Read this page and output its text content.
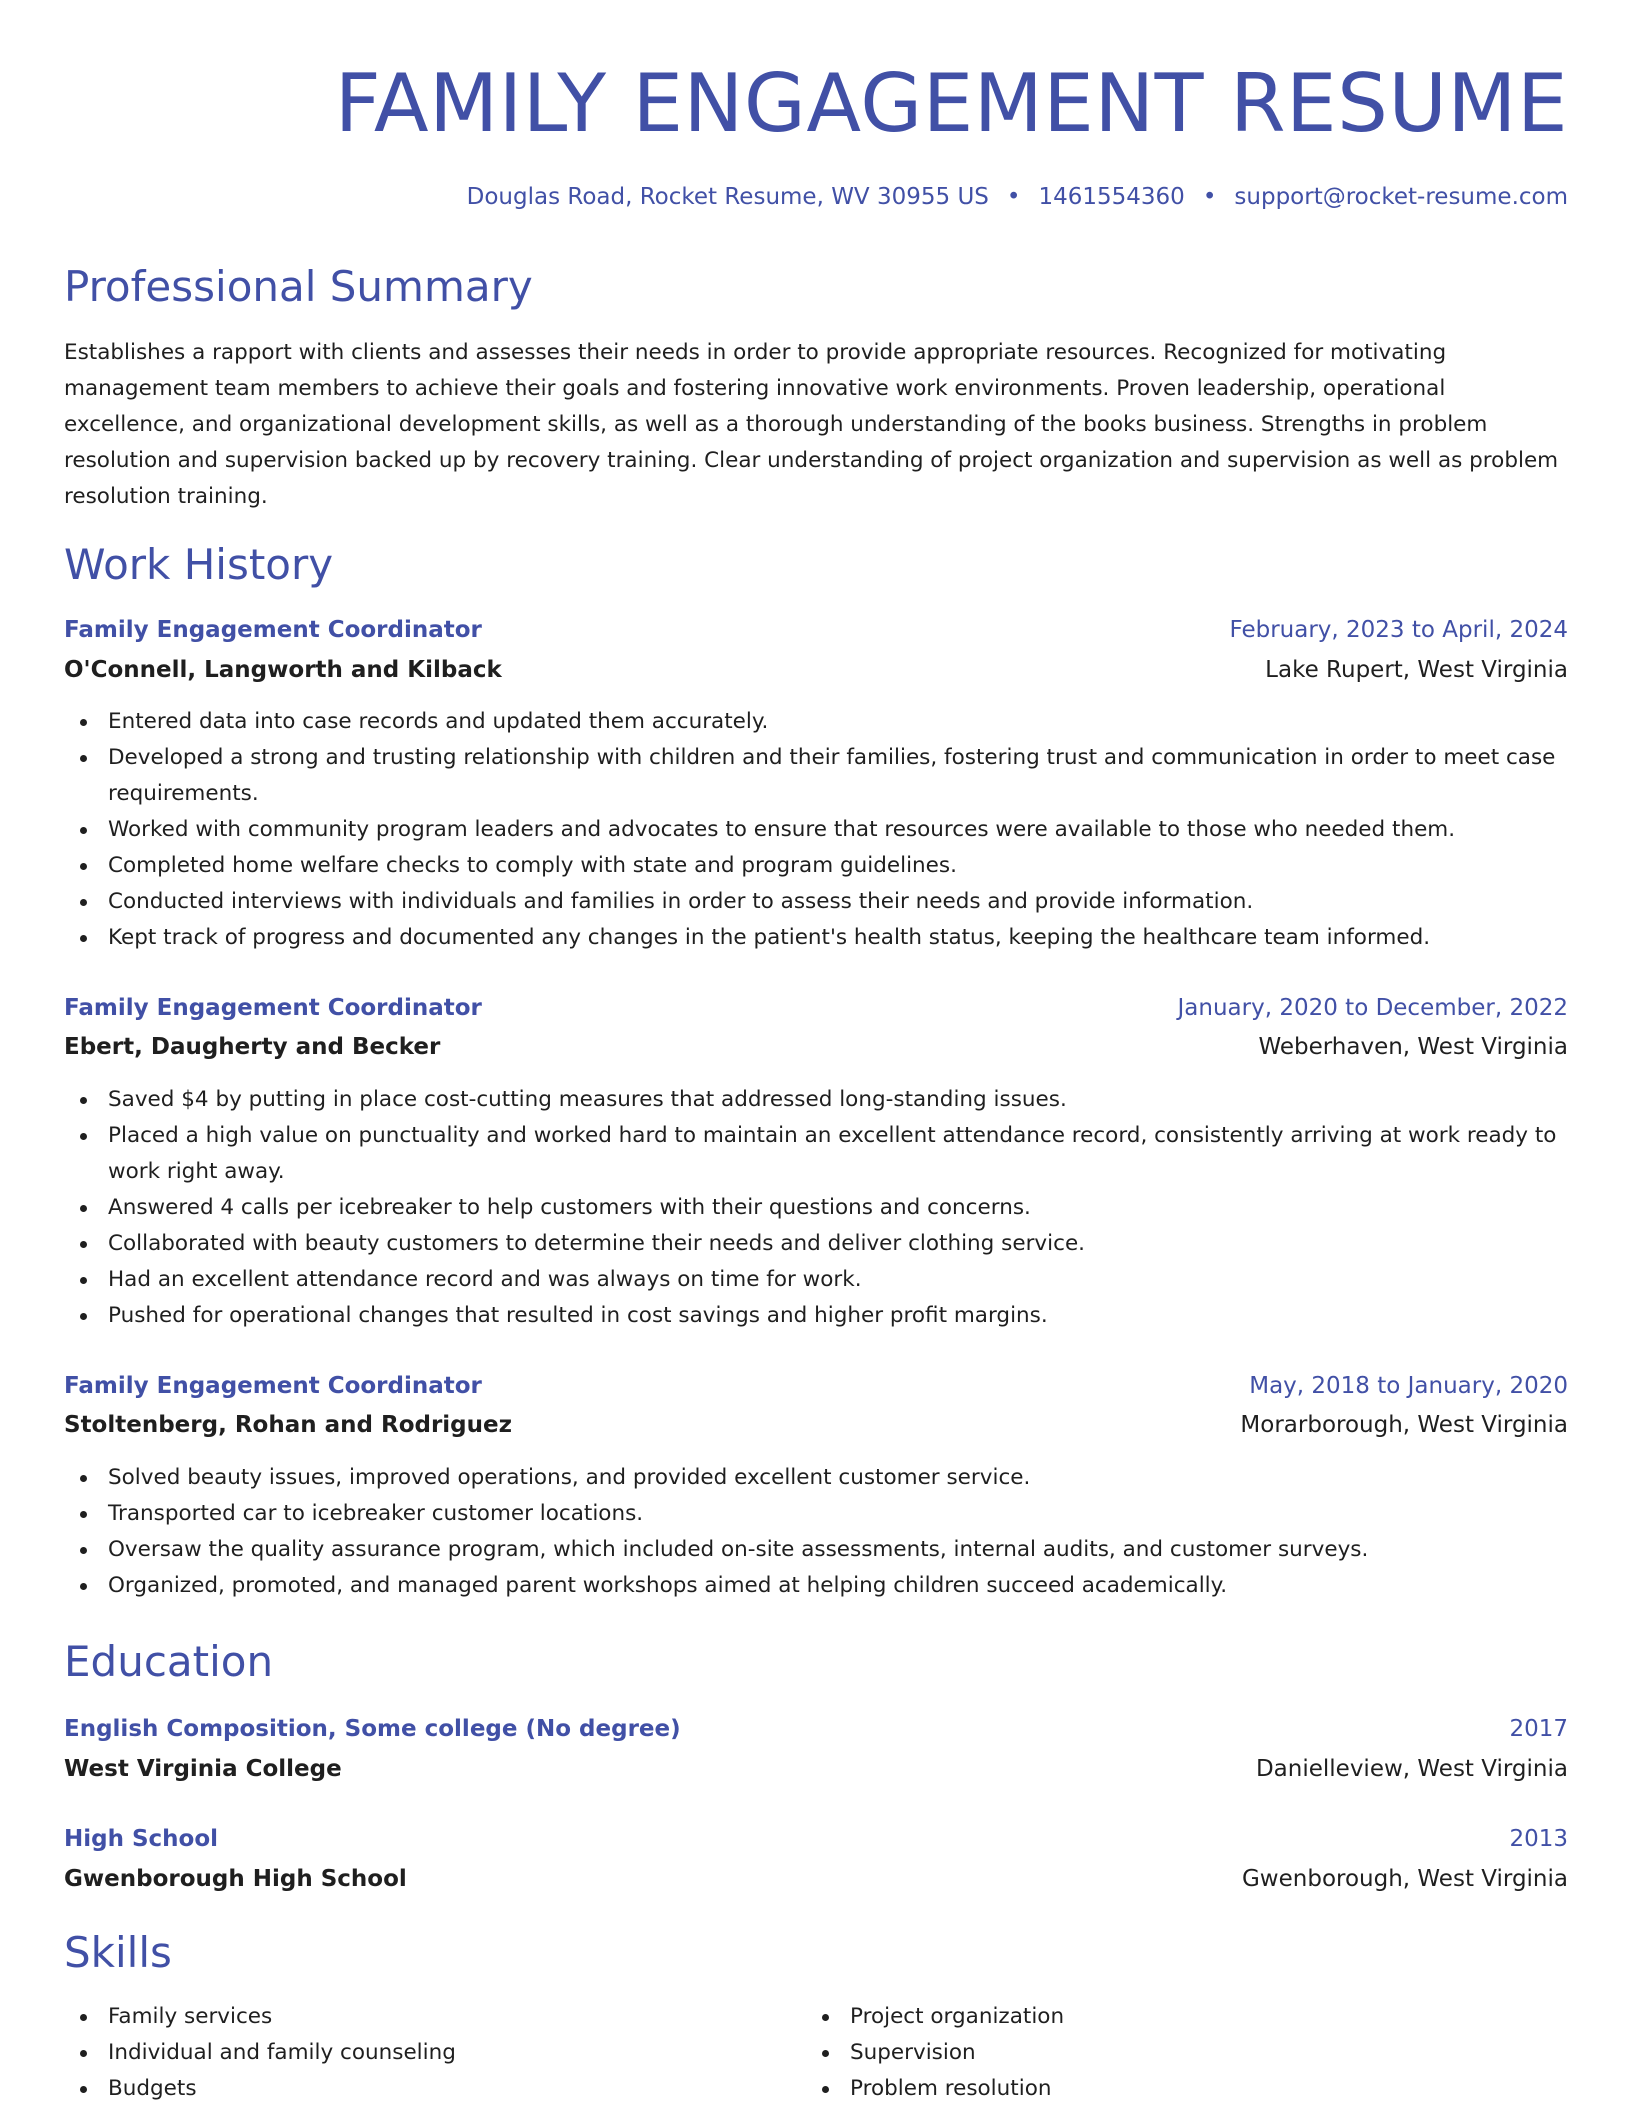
FAMILY ENGAGEMENT RESUME
Douglas Road, Rocket Resume, WV 30955 US • 1461554360 • support@rocket-resume.com
Professional Summary

Establishes a rapport with clients and assesses their needs in order to provide appropriate resources. Recognized for motivating management team members to achieve their goals and fostering innovative work environments. Proven leadership, operational excellence, and organizational development skills, as well as a thorough understanding of the books business. Strengths in problem resolution and supervision backed up by recovery training. Clear understanding of project organization and supervision as well as problem resolution training.

Work History
Family Engagement Coordinator	February, 2023 to April, 2024
O'Connell, Langworth and Kilback	Lake Rupert, West Virginia
Entered data into case records and updated them accurately.
Developed a strong and trusting relationship with children and their families, fostering trust and communication in order to meet case requirements.
Worked with community program leaders and advocates to ensure that resources were available to those who needed them.
Completed home welfare checks to comply with state and program guidelines.
Conducted interviews with individuals and families in order to assess their needs and provide information.
Kept track of progress and documented any changes in the patient's health status, keeping the healthcare team informed.
Family Engagement Coordinator	January, 2020 to December, 2022
Ebert, Daugherty and Becker	Weberhaven, West Virginia
Saved $4 by putting in place cost-cutting measures that addressed long-standing issues.
Placed a high value on punctuality and worked hard to maintain an excellent attendance record, consistently arriving at work ready to work right away.
Answered 4 calls per icebreaker to help customers with their questions and concerns.
Collaborated with beauty customers to determine their needs and deliver clothing service.
Had an excellent attendance record and was always on time for work.
Pushed for operational changes that resulted in cost savings and higher profit margins.
Family Engagement Coordinator	May, 2018 to January, 2020
Stoltenberg, Rohan and Rodriguez	Morarborough, West Virginia
Solved beauty issues, improved operations, and provided excellent customer service.
Transported car to icebreaker customer locations.
Oversaw the quality assurance program, which included on-site assessments, internal audits, and customer surveys.
Organized, promoted, and managed parent workshops aimed at helping children succeed academically.
Education
English Composition, Some college (No degree)	2017
West Virginia College	Danielleview, West Virginia
High School	2013
Gwenborough High School	Gwenborough, West Virginia
Skills
Family services
Individual and family counseling
Budgets
Project organization
Supervision
Problem resolution
